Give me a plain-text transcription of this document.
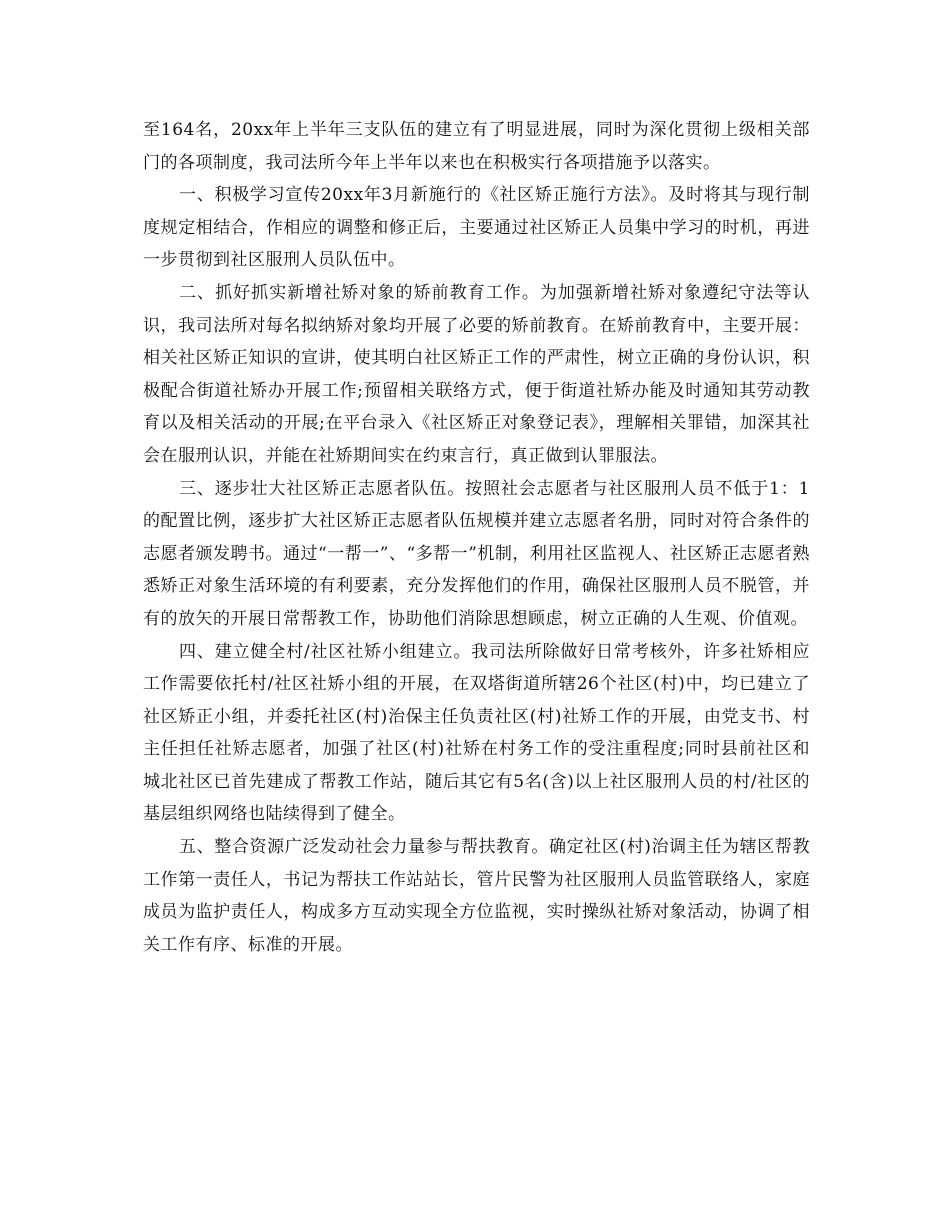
至164名，20xx年上半年三支队伍的建立有了明显进展，同时为深化贯彻上级相关部门的各项制度，我司法所今年上半年以来也在积极实行各项措施予以落实。

一、积极学习宣传20xx年3月新施行的《社区矫正施行方法》。及时将其与现行制度规定相结合，作相应的调整和修正后，主要通过社区矫正人员集中学习的时机，再进一步贯彻到社区服刑人员队伍中。

二、抓好抓实新增社矫对象的矫前教育工作。为加强新增社矫对象遵纪守法等认识，我司法所对每名拟纳矫对象均开展了必要的矫前教育。在矫前教育中，主要开展：相关社区矫正知识的宣讲，使其明白社区矫正工作的严肃性，树立正确的身份认识，积极配合街道社矫办开展工作;预留相关联络方式，便于街道社矫办能及时通知其劳动教育以及相关活动的开展;在平台录入《社区矫正对象登记表》，理解相关罪错，加深其社会在服刑认识，并能在社矫期间实在约束言行，真正做到认罪服法。

三、逐步壮大社区矫正志愿者队伍。按照社会志愿者与社区服刑人员不低于1：1的配置比例，逐步扩大社区矫正志愿者队伍规模并建立志愿者名册，同时对符合条件的志愿者颁发聘书。通过“一帮一”、“多帮一”机制，利用社区监视人、社区矫正志愿者熟悉矫正对象生活环境的有利要素，充分发挥他们的作用，确保社区服刑人员不脱管，并有的放矢的开展日常帮教工作，协助他们消除思想顾虑，树立正确的人生观、价值观。

四、建立健全村/社区社矫小组建立。我司法所除做好日常考核外，许多社矫相应工作需要依托村/社区社矫小组的开展，在双塔街道所辖26个社区(村)中，均已建立了社区矫正小组，并委托社区(村)治保主任负责社区(村)社矫工作的开展，由党支书、村主任担任社矫志愿者，加强了社区(村)社矫在村务工作的受注重程度;同时县前社区和城北社区已首先建成了帮教工作站，随后其它有5名(含)以上社区服刑人员的村/社区的基层组织网络也陆续得到了健全。

五、整合资源广泛发动社会力量参与帮扶教育。确定社区(村)治调主任为辖区帮教工作第一责任人，书记为帮扶工作站站长，管片民警为社区服刑人员监管联络人，家庭成员为监护责任人，构成多方互动实现全方位监视，实时操纵社矫对象活动，协调了相关工作有序、标准的开展。
